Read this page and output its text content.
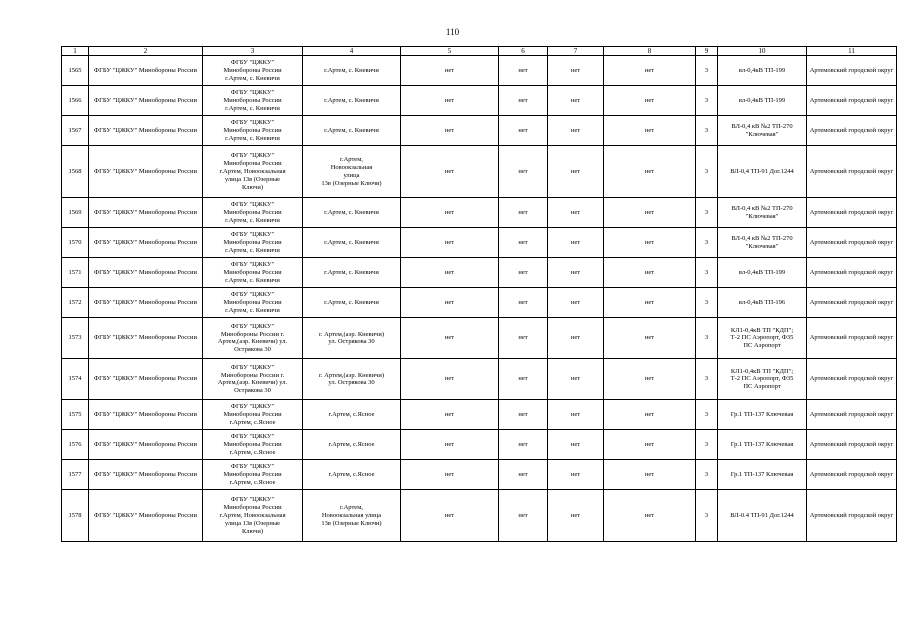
110
1	2	3	4	5	6	7	8	9	10	11
1565	ФГБУ "ЦЖКУ" Минобороны России	ФГБУ "ЦЖКУ"
Минобороны России
г.Артем, с. Кневичи	г.Артем, с. Кневичи	нет	нет	нет	нет	3	вл-0,4кВ ТП-199	Артемовский городской округ
1566	ФГБУ "ЦЖКУ" Минобороны России	ФГБУ "ЦЖКУ"
Минобороны России
г.Артем, с. Кневичи	г.Артем, с. Кневичи	нет	нет	нет	нет	3	вл-0,4кВ ТП-199	Артемовский городской округ
1567	ФГБУ "ЦЖКУ" Минобороны России	ФГБУ "ЦЖКУ"
Минобороны России
г.Артем, с. Кневичи	г.Артем, с. Кневичи	нет	нет	нет	нет	3	ВЛ-0,4 кВ №2 ТП-270 "Ключевая"	Артемовский городской округ
1568	ФГБУ "ЦЖКУ" Минобороны России	ФГБУ "ЦЖКУ"
Минобороны России
г.Артем, Новоокзальная
улица 13в (Озерные
Ключи)	г.Артем,
Новоокзальная
улица
13в (Озерные Ключи)	нет	нет	нет	нет	3	ВЛ-0,4 ТП-91 Дог.1244	Артемовский городской округ
1569	ФГБУ "ЦЖКУ" Минобороны России	ФГБУ "ЦЖКУ"
Минобороны России
г.Артем, с. Кневичи	г.Артем, с. Кневичи	нет	нет	нет	нет	3	ВЛ-0,4 кВ №2 ТП-270 "Ключевая"	Артемовский городской округ
1570	ФГБУ "ЦЖКУ" Минобороны России	ФГБУ "ЦЖКУ"
Минобороны России
г.Артем, с. Кневичи	г.Артем, с. Кневичи	нет	нет	нет	нет	3	ВЛ-0,4 кВ №2 ТП-270 "Ключевая"	Артемовский городской округ
1571	ФГБУ "ЦЖКУ" Минобороны России	ФГБУ "ЦЖКУ"
Минобороны России
г.Артем, с. Кневичи	г.Артем, с. Кневичи	нет	нет	нет	нет	3	вл-0,4кВ ТП-199	Артемовский городской округ
1572	ФГБУ "ЦЖКУ" Минобороны России	ФГБУ "ЦЖКУ"
Минобороны России
г.Артем, с. Кневичи	г.Артем, с. Кневичи	нет	нет	нет	нет	3	вл-0,4кВ ТП-196	Артемовский городской округ
1573	ФГБУ "ЦЖКУ" Минобороны России	ФГБУ "ЦЖКУ"
Минобороны России г.
Артем,(аэр. Кневичи) ул.
Острякова 30	г. Артем,(аэр. Кневичи)
ул. Острякова 30	нет	нет	нет	нет	3	КЛ1-0,4кВ ТП "КДП";
Т-2 ПС Аэропорт, Ф35
ПС Аэропорт	Артемовский городской округ
1574	ФГБУ "ЦЖКУ" Минобороны России	ФГБУ "ЦЖКУ"
Минобороны России г.
Артем,(аэр. Кневичи) ул.
Острякова 30	г. Артем,(аэр. Кневичи)
ул. Острякова 30	нет	нет	нет	нет	3	КЛ1-0,4кВ ТП "КДП";
Т-2 ПС Аэропорт, Ф35
ПС Аэропорт	Артемовский городской округ
1575	ФГБУ "ЦЖКУ" Минобороны России	ФГБУ "ЦЖКУ"
Минобороны России
г.Артем, с.Ясное	г.Артем, с.Ясное	нет	нет	нет	нет	3	Гр.1 ТП-137 Ключевая	Артемовский городской округ
1576	ФГБУ "ЦЖКУ" Минобороны России	ФГБУ "ЦЖКУ"
Минобороны России
г.Артем, с.Ясное	г.Артем, с.Ясное	нет	нет	нет	нет	3	Гр.1 ТП-137 Ключевая	Артемовский городской округ
1577	ФГБУ "ЦЖКУ" Минобороны России	ФГБУ "ЦЖКУ"
Минобороны России
г.Артем, с.Ясное	г.Артем, с.Ясное	нет	нет	нет	нет	3	Гр.1 ТП-137 Ключевая	Артемовский городской округ
1578	ФГБУ "ЦЖКУ" Минобороны России	ФГБУ "ЦЖКУ"
Минобороны России
г.Артем, Новоокзальная
улица 13в (Озерные
Ключи)	г.Артем,
Новоокзальная улица
13в (Озерные Ключи)	нет	нет	нет	нет	3	ВЛ-0.4 ТП-91 Дог.1244	Артемовский городской округ
